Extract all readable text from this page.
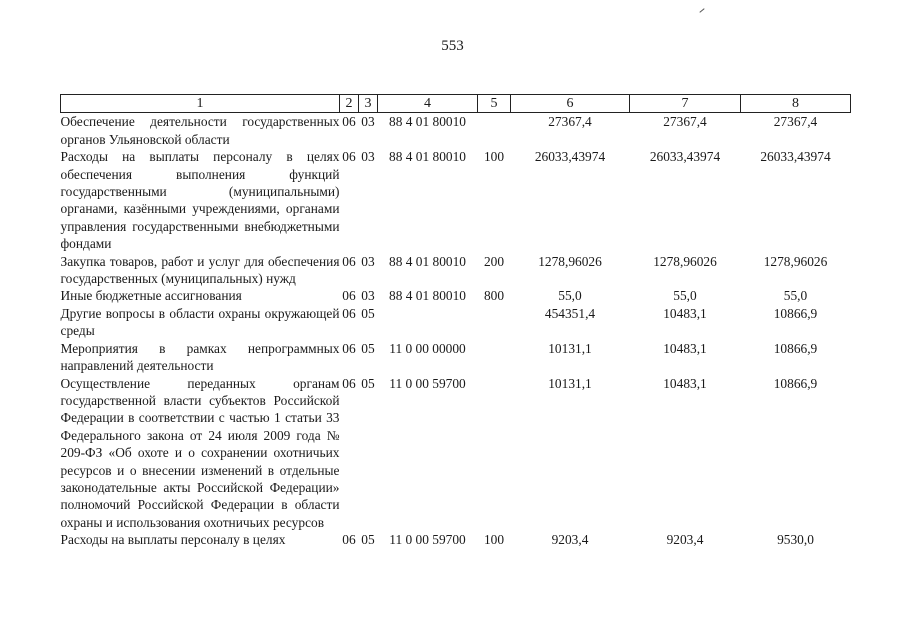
553
1	2	3	4	5	6	7	8
Обеспечение деятельности государственных органов Ульяновской области	06	03	88 4 01 80010		27367,4	27367,4	27367,4
Расходы на выплаты персоналу в целях обеспечения выполнения функций государственными (муниципальными) органами, казёнными учреждениями, органами управления государственными внебюджетными фондами	06	03	88 4 01 80010	100	26033,43974	26033,43974	26033,43974
Закупка товаров, работ и услуг для обеспечения государственных (муниципальных) нужд	06	03	88 4 01 80010	200	1278,96026	1278,96026	1278,96026
Иные бюджетные ассигнования	06	03	88 4 01 80010	800	55,0	55,0	55,0
Другие вопросы в области охраны окружающей среды	06	05			454351,4	10483,1	10866,9
Мероприятия в рамках непрограммных направлений деятельности	06	05	11 0 00 00000		10131,1	10483,1	10866,9
Осуществление переданных органам государственной власти субъектов Российской Федерации в соответствии с частью 1 статьи 33 Федерального закона от 24 июля 2009 года № 209-ФЗ «Об охоте и о сохранении охотничьих ресурсов и о внесении изменений в отдельные законодательные акты Российской Федерации» полномочий Российской Федерации в области охраны и использования охотничьих ресурсов	06	05	11 0 00 59700		10131,1	10483,1	10866,9
Расходы на выплаты персоналу в целях	06	05	11 0 00 59700	100	9203,4	9203,4	9530,0
